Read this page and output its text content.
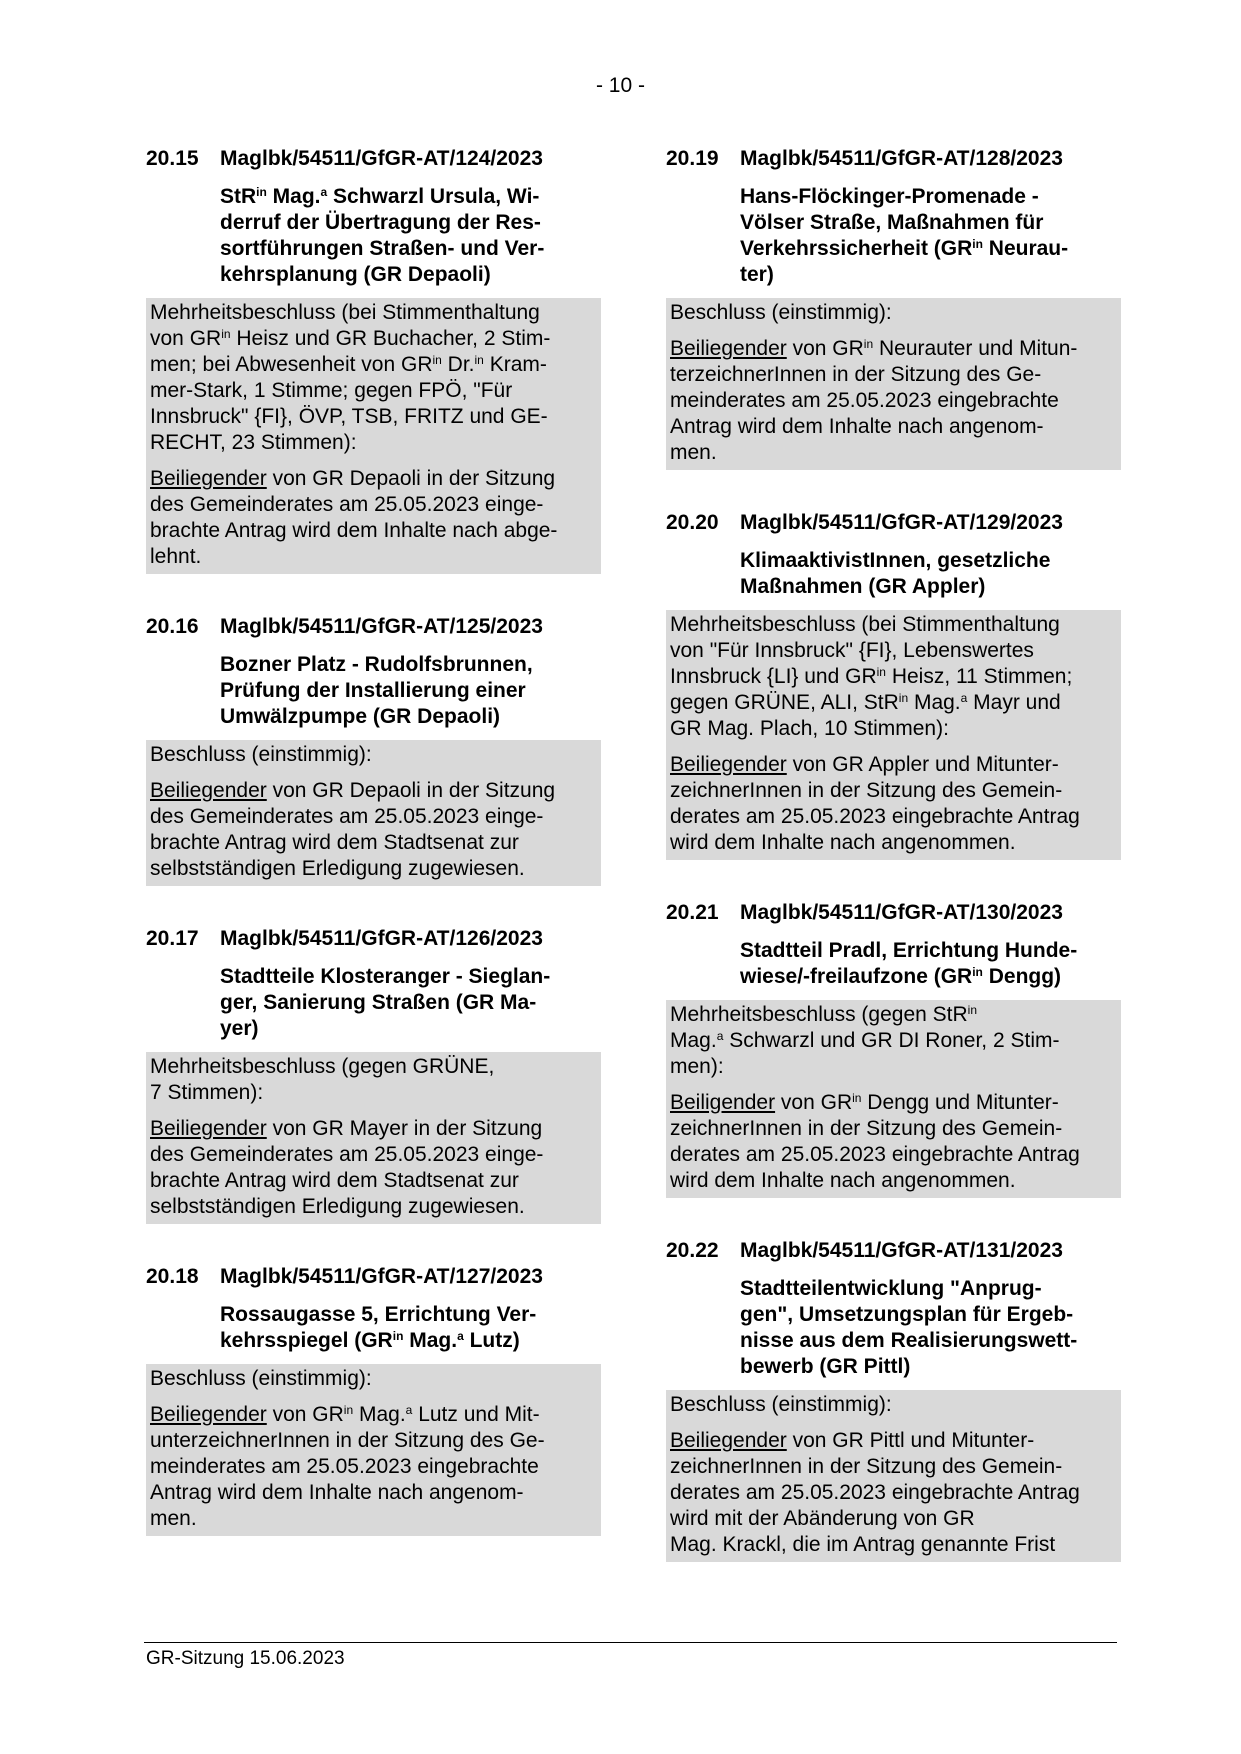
- 10 -
20.15	Maglbk/54511/GfGR-AT/124/2023
StR$^{in}$ Mag.$^a$ Schwarzl Ursula, Wi-
derruf der Übertragung der Res-
sortführungen Straßen- und Ver-
kehrsplanung (GR Depaoli)

Mehrheitsbeschluss (bei Stimmenthaltung
von $GR^{in}$ Heisz und GR Buchacher, 2 Stim-
men; bei Abwesenheit von $GR^{in}$ Dr.$^{in}$ Kram-
mer-Stark, 1 Stimme; gegen FPÖ, "Für
Innsbruck" {FI}, ÖVP, TSB, FRITZ und GE-
RECHT, 23 Stimmen):

Beiliegender von GR Depaoli in der Sitzung
des Gemeinderates am 25.05.2023 einge-
brachte Antrag wird dem Inhalte nach abge-
lehnt.

20.16	Maglbk/54511/GfGR-AT/125/2023
Bozner Platz - Rudolfsbrunnen,
Prüfung der Installierung einer
Umwälzpumpe (GR Depaoli)

Beschluss (einstimmig):

Beiliegender von GR Depaoli in der Sitzung
des Gemeinderates am 25.05.2023 einge-
brachte Antrag wird dem Stadtsenat zur
selbstständigen Erledigung zugewiesen.

20.17	Maglbk/54511/GfGR-AT/126/2023
Stadtteile Klosteranger - Sieglan-
ger, Sanierung Straßen (GR Ma-
yer)

Mehrheitsbeschluss (gegen GRÜNE,
7 Stimmen):

Beiliegender von GR Mayer in der Sitzung
des Gemeinderates am 25.05.2023 einge-
brachte Antrag wird dem Stadtsenat zur
selbstständigen Erledigung zugewiesen.

20.18	Maglbk/54511/GfGR-AT/127/2023
Rossaugasse 5, Errichtung Ver-
kehrsspiegel ($GR^{in}$ Mag.$^a$ Lutz)

Beschluss (einstimmig):

Beiliegender von $GR^{in}$ Mag.$^a$ Lutz und Mit-
unterzeichnerInnen in der Sitzung des Ge-
meinderates am 25.05.2023 eingebrachte
Antrag wird dem Inhalte nach angenom-
men.

20.19	Maglbk/54511/GfGR-AT/128/2023
Hans-Flöckinger-Promenade -
Völser Straße, Maßnahmen für
Verkehrssicherheit ($GR^{in}$ Neurau-
ter)

Beschluss (einstimmig):

Beiliegender von $GR^{in}$ Neurauter und Mitun-
terzeichnerInnen in der Sitzung des Ge-
meinderates am 25.05.2023 eingebrachte
Antrag wird dem Inhalte nach angenom-
men.

20.20	Maglbk/54511/GfGR-AT/129/2023
KlimaaktivistInnen, gesetzliche
Maßnahmen (GR Appler)

Mehrheitsbeschluss (bei Stimmenthaltung
von "Für Innsbruck" {FI}, Lebenswertes
Innsbruck {LI} und $GR^{in}$ Heisz, 11 Stimmen;
gegen GRÜNE, ALI, StR$^{in}$ Mag.$^a$ Mayr und
GR Mag. Plach, 10 Stimmen):

Beiliegender von GR Appler und Mitunter-
zeichnerInnen in der Sitzung des Gemein-
derates am 25.05.2023 eingebrachte Antrag
wird dem Inhalte nach angenommen.

20.21	Maglbk/54511/GfGR-AT/130/2023
Stadtteil Pradl, Errichtung Hunde-
wiese/-freilaufzone ($GR^{in}$ Dengg)

Mehrheitsbeschluss (gegen StR$^{in}$
Mag.$^a$ Schwarzl und GR DI Roner, 2 Stim-
men):

Beiligender von $GR^{in}$ Dengg und Mitunter-
zeichnerInnen in der Sitzung des Gemein-
derates am 25.05.2023 eingebrachte Antrag
wird dem Inhalte nach angenommen.

20.22	Maglbk/54511/GfGR-AT/131/2023
Stadtteilentwicklung "Anprug-
gen", Umsetzungsplan für Ergeb-
nisse aus dem Realisierungswett-
bewerb (GR Pittl)

Beschluss (einstimmig):

Beiliegender von GR Pittl und Mitunter-
zeichnerInnen in der Sitzung des Gemein-
derates am 25.05.2023 eingebrachte Antrag
wird mit der Abänderung von GR
Mag. Krackl, die im Antrag genannte Frist

GR-Sitzung 15.06.2023
